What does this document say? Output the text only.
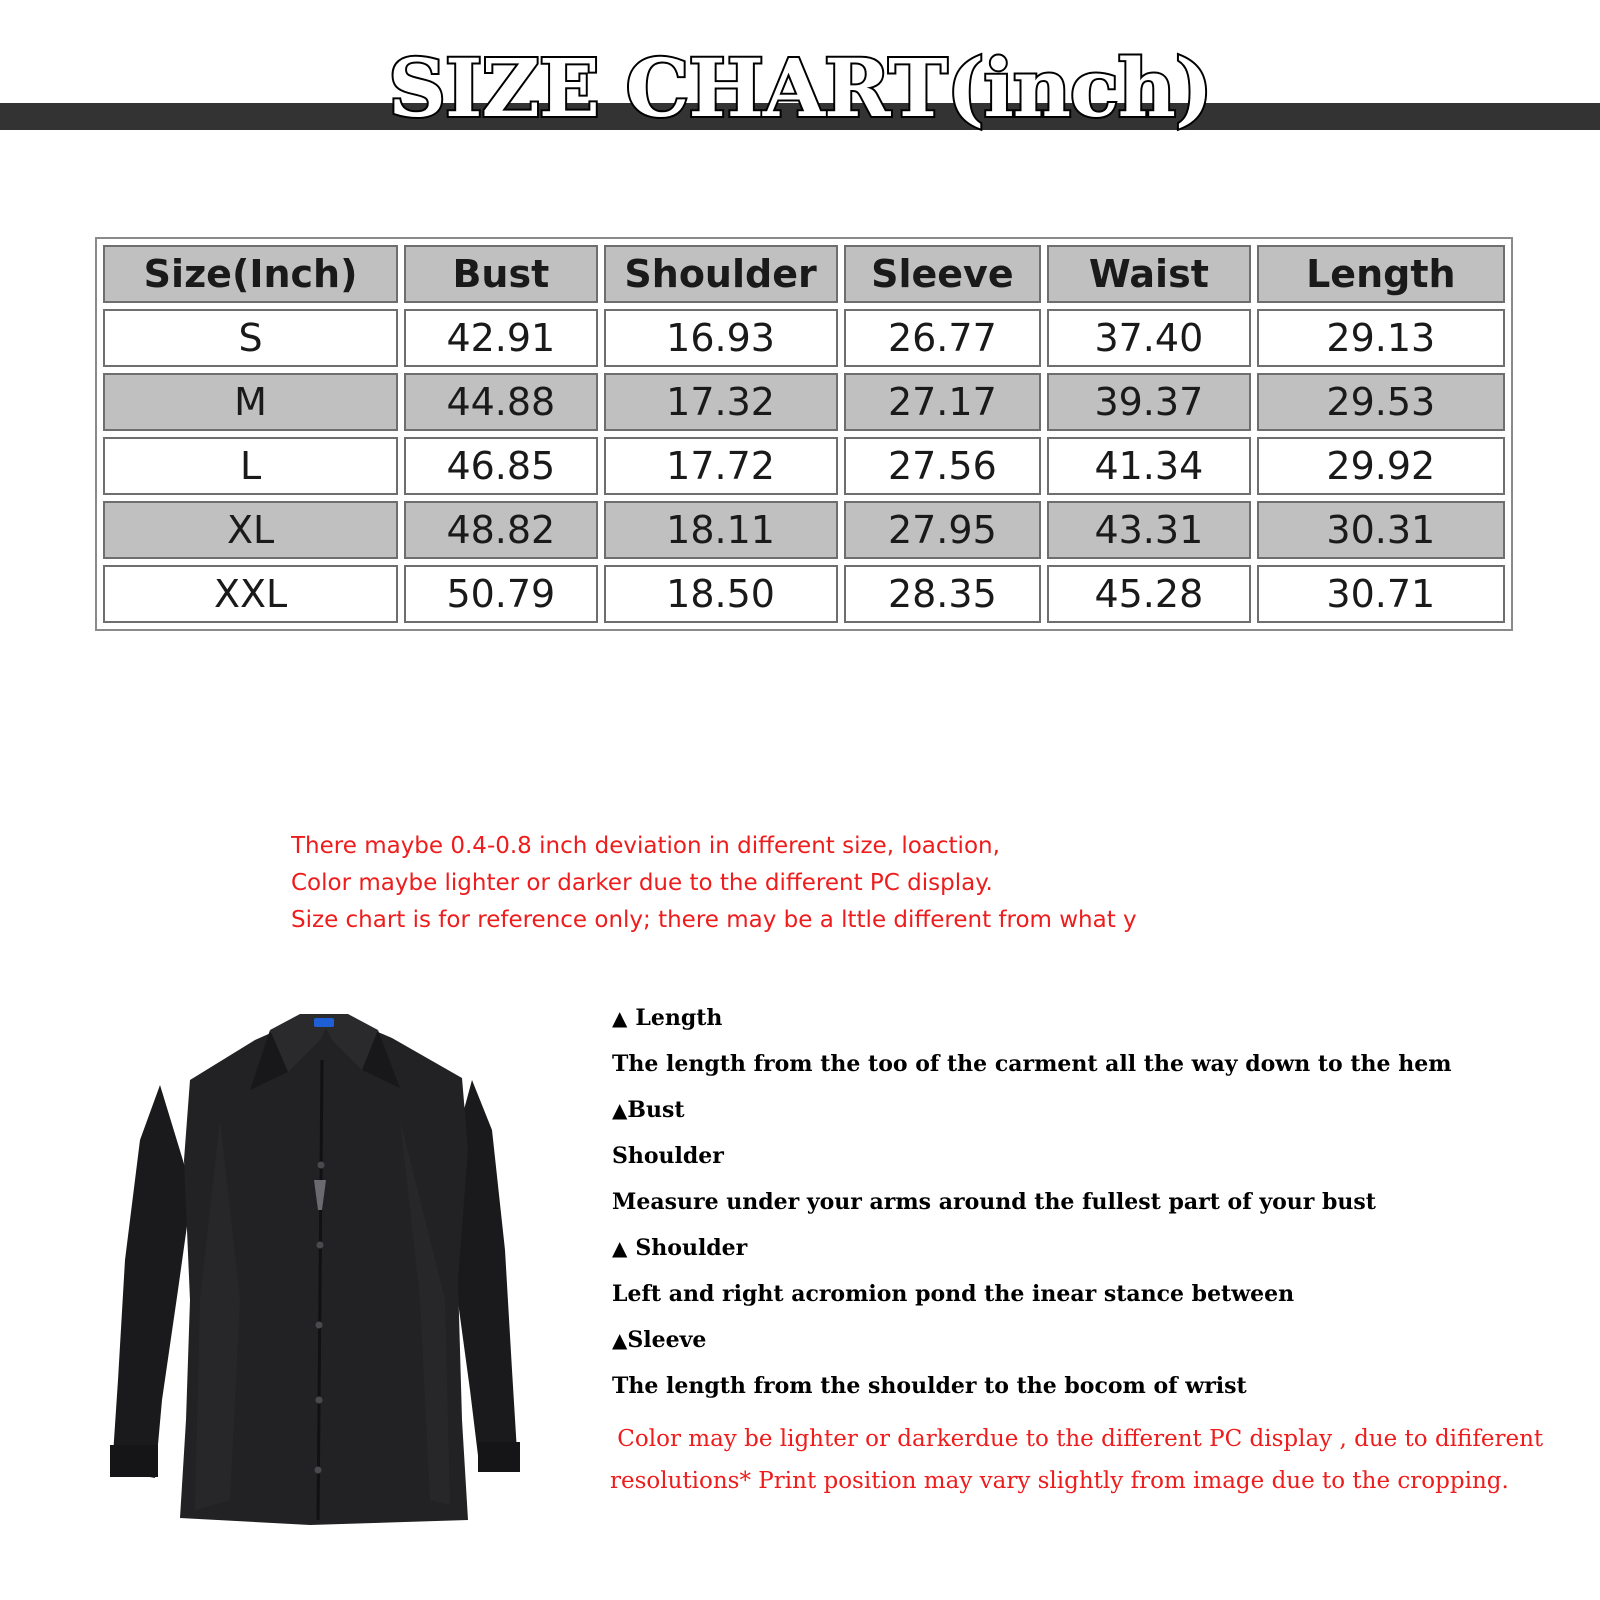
SIZE CHART(inch)
Size(Inch)	Bust	Shoulder	Sleeve	Waist	Length
S	42.91	16.93	26.77	37.40	29.13
M	44.88	17.32	27.17	39.37	29.53
L	46.85	17.72	27.56	41.34	29.92
XL	48.82	18.11	27.95	43.31	30.31
XXL	50.79	18.50	28.35	45.28	30.71
There maybe 0.4-0.8 inch deviation in different size, loaction,
Color maybe lighter or darker due to the different PC display.
Size chart is for reference only; there may be a lttle different from what y
▲ Length
The length from the too of the carment all the way down to the hem
▲Bust
Shoulder
Measure under your arms around the fullest part of your bust
▲ Shoulder
Left and right acromion pond the inear stance between
▲Sleeve
The length from the shoulder to the bocom of wrist
Color may be lighter or darkerdue to the different PC display , due to dififerent
resolutions* Print position may vary slightly from image due to the cropping.
